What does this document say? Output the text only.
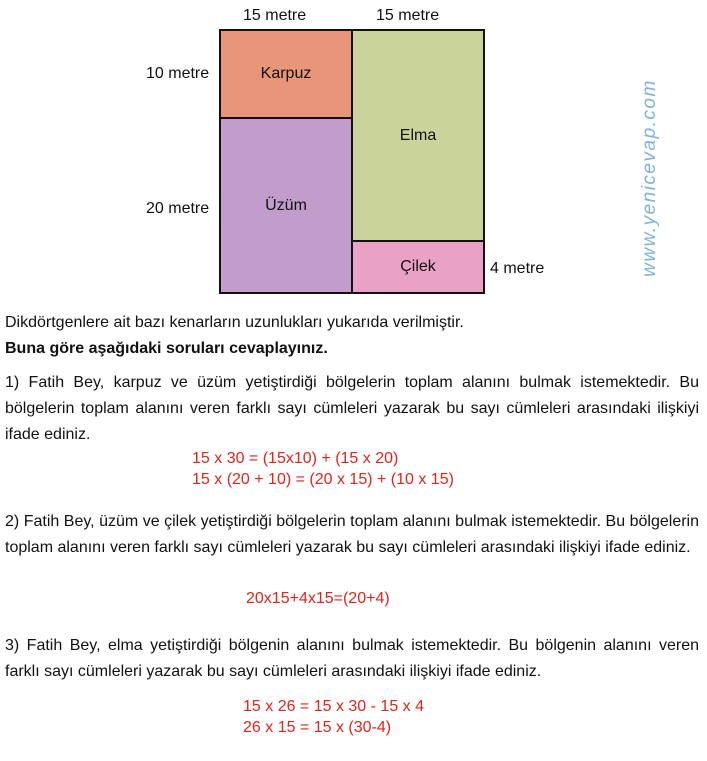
15 metre	15 metre
10 metre
20 metre
4 metre
Karpuz
Üzüm
Elma
Çilek	www.yenicevap.com
Dikdörtgenlere ait bazı kenarların uzunlukları yukarıda verilmiştir.
Buna göre aşağıdaki soruları cevaplayınız.
1) Fatih Bey, karpuz ve üzüm yetiştirdiği bölgelerin toplam alanını bulmak istemektedir. Bu bölgelerin toplam alanını veren farklı sayı cümleleri yazarak bu sayı cümleleri arasındaki ilişkiyi ifade ediniz.
15 x 30 = (15x10) + (15 x 20)
15 x (20 + 10) = (20 x 15) + (10 x 15)
2) Fatih Bey, üzüm ve çilek yetiştirdiği bölgelerin toplam alanını bulmak istemektedir. Bu bölgelerin toplam alanını veren farklı sayı cümleleri yazarak bu sayı cümleleri arasındaki ilişkiyi ifade ediniz.
20x15+4x15=(20+4)
3) Fatih Bey, elma yetiştirdiği bölgenin alanını bulmak istemektedir. Bu bölgenin alanını veren farklı sayı cümleleri yazarak bu sayı cümleleri arasındaki ilişkiyi ifade ediniz.
15 x 26 = 15 x 30 - 15 x 4
26 x 15 = 15 x (30-4)
